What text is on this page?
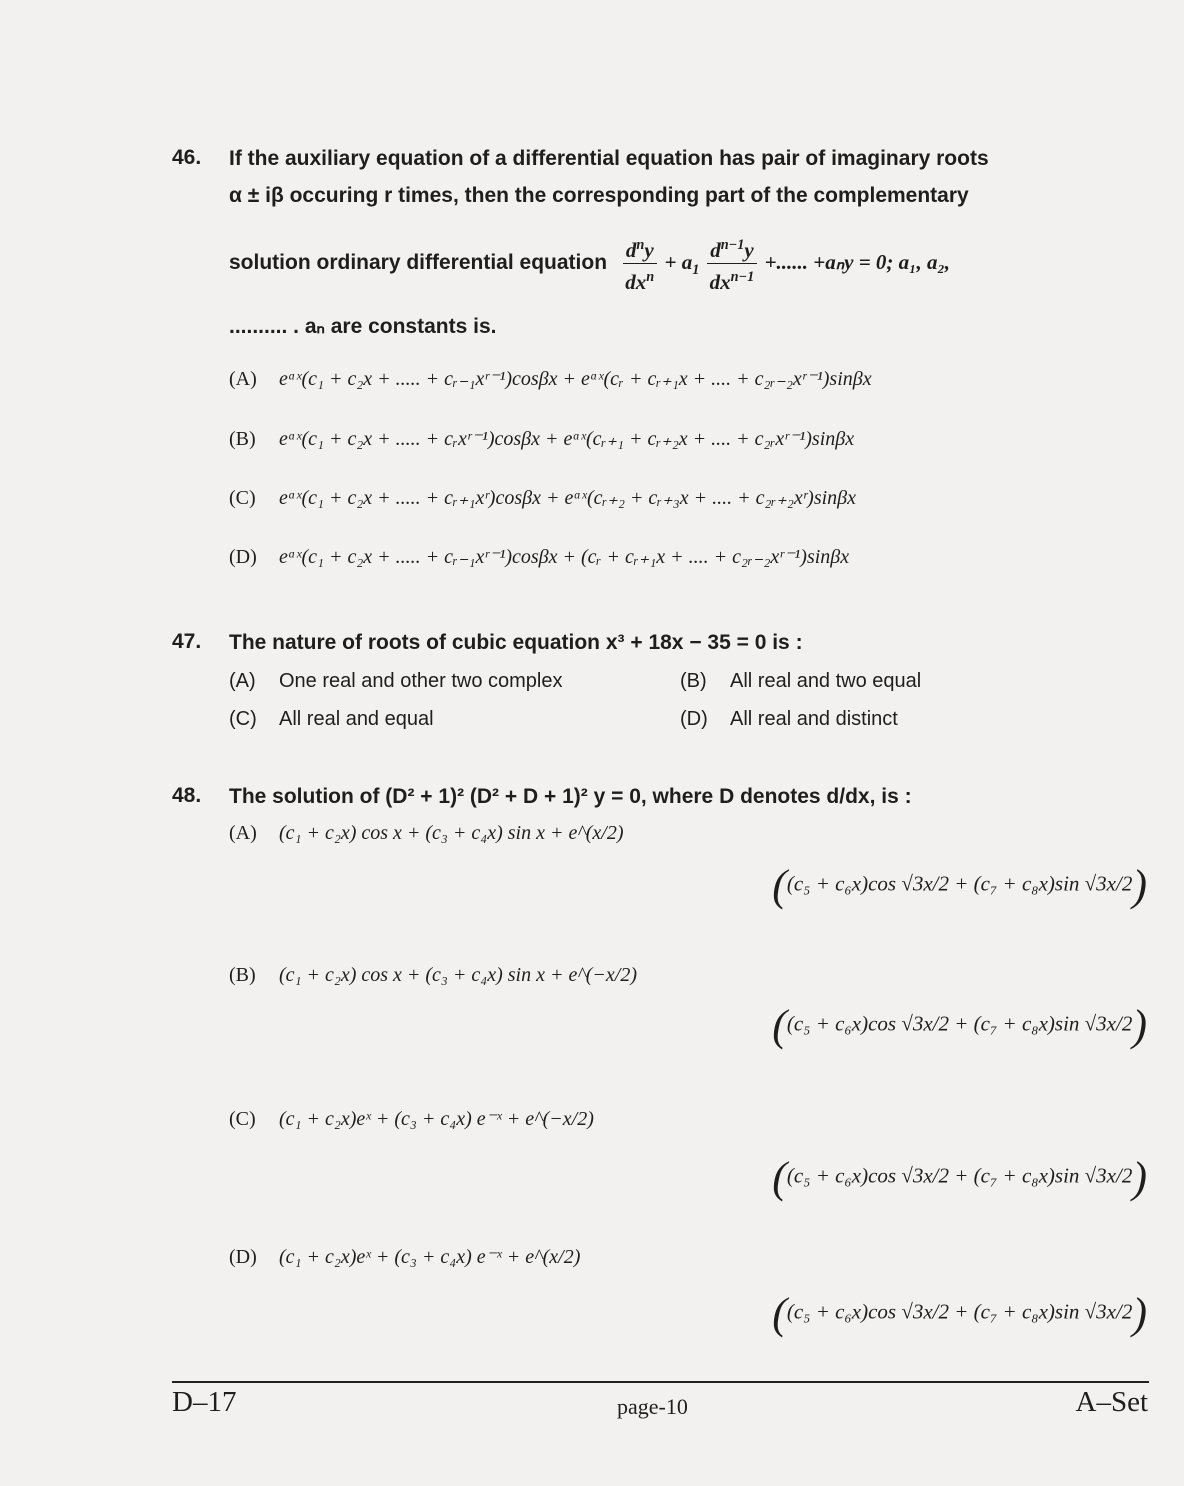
46. If the auxiliary equation of a differential equation has pair of imaginary roots
α ± iβ occuring r times, then the corresponding part of the complementary
solution ordinary differential equation $\frac{d^ny}{dx^n} + a_1 \frac{d^{n-1}y}{dx^{n-1}}$ +...... +aₙy = 0; a₁, a₂,
.......... . aₙ are constants is.
(A) eᵅˣ(c₁ + c₂x + ..... + cᵣ₋₁xʳ⁻¹)cosβx + eᵅˣ(cᵣ + cᵣ₊₁x + .... + c₂ᵣ₋₂xʳ⁻¹)sinβx
(B) eᵅˣ(c₁ + c₂x + ..... + cᵣxʳ⁻¹)cosβx + eᵅˣ(cᵣ₊₁ + cᵣ₊₂x + .... + c₂ᵣxʳ⁻¹)sinβx
(C) eᵅˣ(c₁ + c₂x + ..... + cᵣ₊₁xʳ)cosβx + eᵅˣ(cᵣ₊₂ + cᵣ₊₃x + .... + c₂ᵣ₊₂xʳ)sinβx
(D) eᵅˣ(c₁ + c₂x + ..... + cᵣ₋₁xʳ⁻¹)cosβx + (cᵣ + cᵣ₊₁x + .... + c₂ᵣ₋₂xʳ⁻¹)sinβx
47. The nature of roots of cubic equation x³ + 18x − 35 = 0 is :
(A) One real and other two complex	(B) All real and two equal
(C) All real and equal	(D) All real and distinct
48. The solution of (D² + 1)² (D² + D + 1)² y = 0, where D denotes d/dx, is :
(A) (c₁ + c₂x) cos x + (c₃ + c₄x) sin x + e^(x/2)
((c₅ + c₆x)cos √3x/2 + (c₇ + c₈x)sin √3x/2)
(B) (c₁ + c₂x) cos x + (c₃ + c₄x) sin x + e^(−x/2)
((c₅ + c₆x)cos √3x/2 + (c₇ + c₈x)sin √3x/2)
(C) (c₁ + c₂x)eˣ + (c₃ + c₄x) e⁻ˣ + e^(−x/2)
((c₅ + c₆x)cos √3x/2 + (c₇ + c₈x)sin √3x/2)
(D) (c₁ + c₂x)eˣ + (c₃ + c₄x) e⁻ˣ + e^(x/2)
((c₅ + c₆x)cos √3x/2 + (c₇ + c₈x)sin √3x/2)
D–17	page-10	A–Set
